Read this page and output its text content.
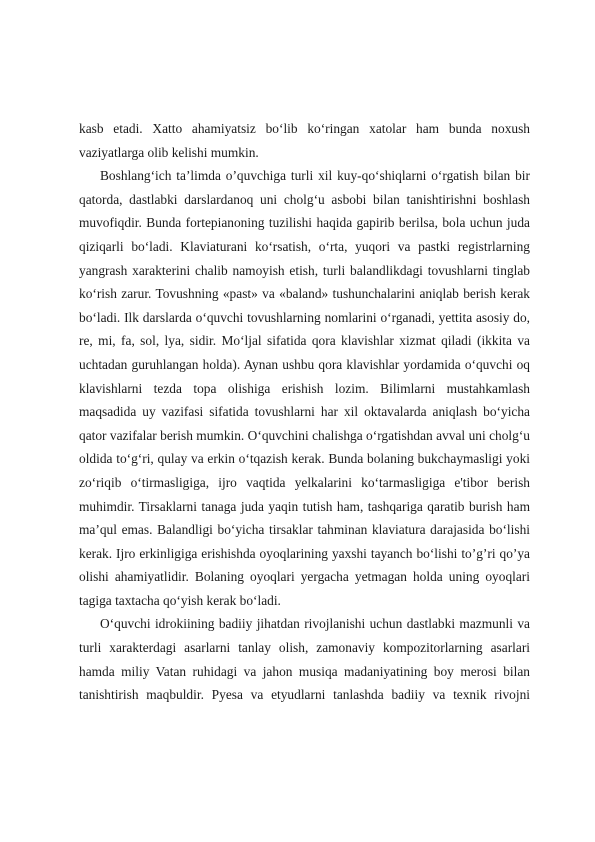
kasb etadi. Xatto ahamiyatsiz bo‘lib ko‘ringan xatolar ham bunda noxush
vaziyatlarga olib kelishi mumkin.

Boshlang‘ich ta’limda o’quvchiga turli xil kuy-qo‘shiqlarni o‘rgatish bilan bir
qatorda, dastlabki darslardanoq uni cholg‘u asbobi bilan tanishtirishni boshlash
muvofiqdir. Bunda fortepianoning tuzilishi haqida gapirib berilsa, bola uchun juda
qiziqarli bo‘ladi. Klaviaturani ko‘rsatish, o‘rta, yuqori va pastki registrlarning
yangrash xarakterini chalib namoyish etish, turli balandlikdagi tovushlarni tinglab
ko‘rish zarur. Tovushning «past» va «baland» tushunchalarini aniqlab berish kerak
bo‘ladi. Ilk darslarda o‘quvchi tovushlarning nomlarini o‘rganadi, yettita asosiy do,
re, mi, fa, sol, lya, sidir. Mo‘ljal sifatida qora klavishlar xizmat qiladi (ikkita va
uchtadan guruhlangan holda). Aynan ushbu qora klavishlar yordamida o‘quvchi oq
klavishlarni tezda topa olishiga erishish lozim. Bilimlarni mustahkamlash
maqsadida uy vazifasi sifatida tovushlarni har xil oktavalarda aniqlash bo‘yicha
qator vazifalar berish mumkin. O‘quvchini chalishga o‘rgatishdan avval uni cholg‘u
oldida to‘g‘ri, qulay va erkin o‘tqazish kerak. Bunda bolaning bukchaymasligi yoki
zo‘riqib o‘tirmasligiga, ijro vaqtida yelkalarini ko‘tarmasligiga e'tibor berish
muhimdir. Tirsaklarni tanaga juda yaqin tutish ham, tashqariga qaratib burish ham
ma’qul emas. Balandligi bo‘yicha tirsaklar tahminan klaviatura darajasida bo‘lishi
kerak. Ijro erkinligiga erishishda oyoqlarining yaxshi tayanch bo‘lishi to’g’ri qo’ya
olishi ahamiyatlidir. Bolaning oyoqlari yergacha yetmagan holda uning oyoqlari
tagiga taxtacha qo‘yish kerak bo‘ladi.

O‘quvchi idrokiining badiiy jihatdan rivojlanishi uchun dastlabki mazmunli va
turli xarakterdagi asarlarni tanlay olish, zamonaviy kompozitorlarning asarlari
hamda miliy Vatan ruhidagi va jahon musiqa madaniyatining boy merosi bilan
tanishtirish maqbuldir. Pyesa va etyudlarni tanlashda badiiy va texnik rivojni
